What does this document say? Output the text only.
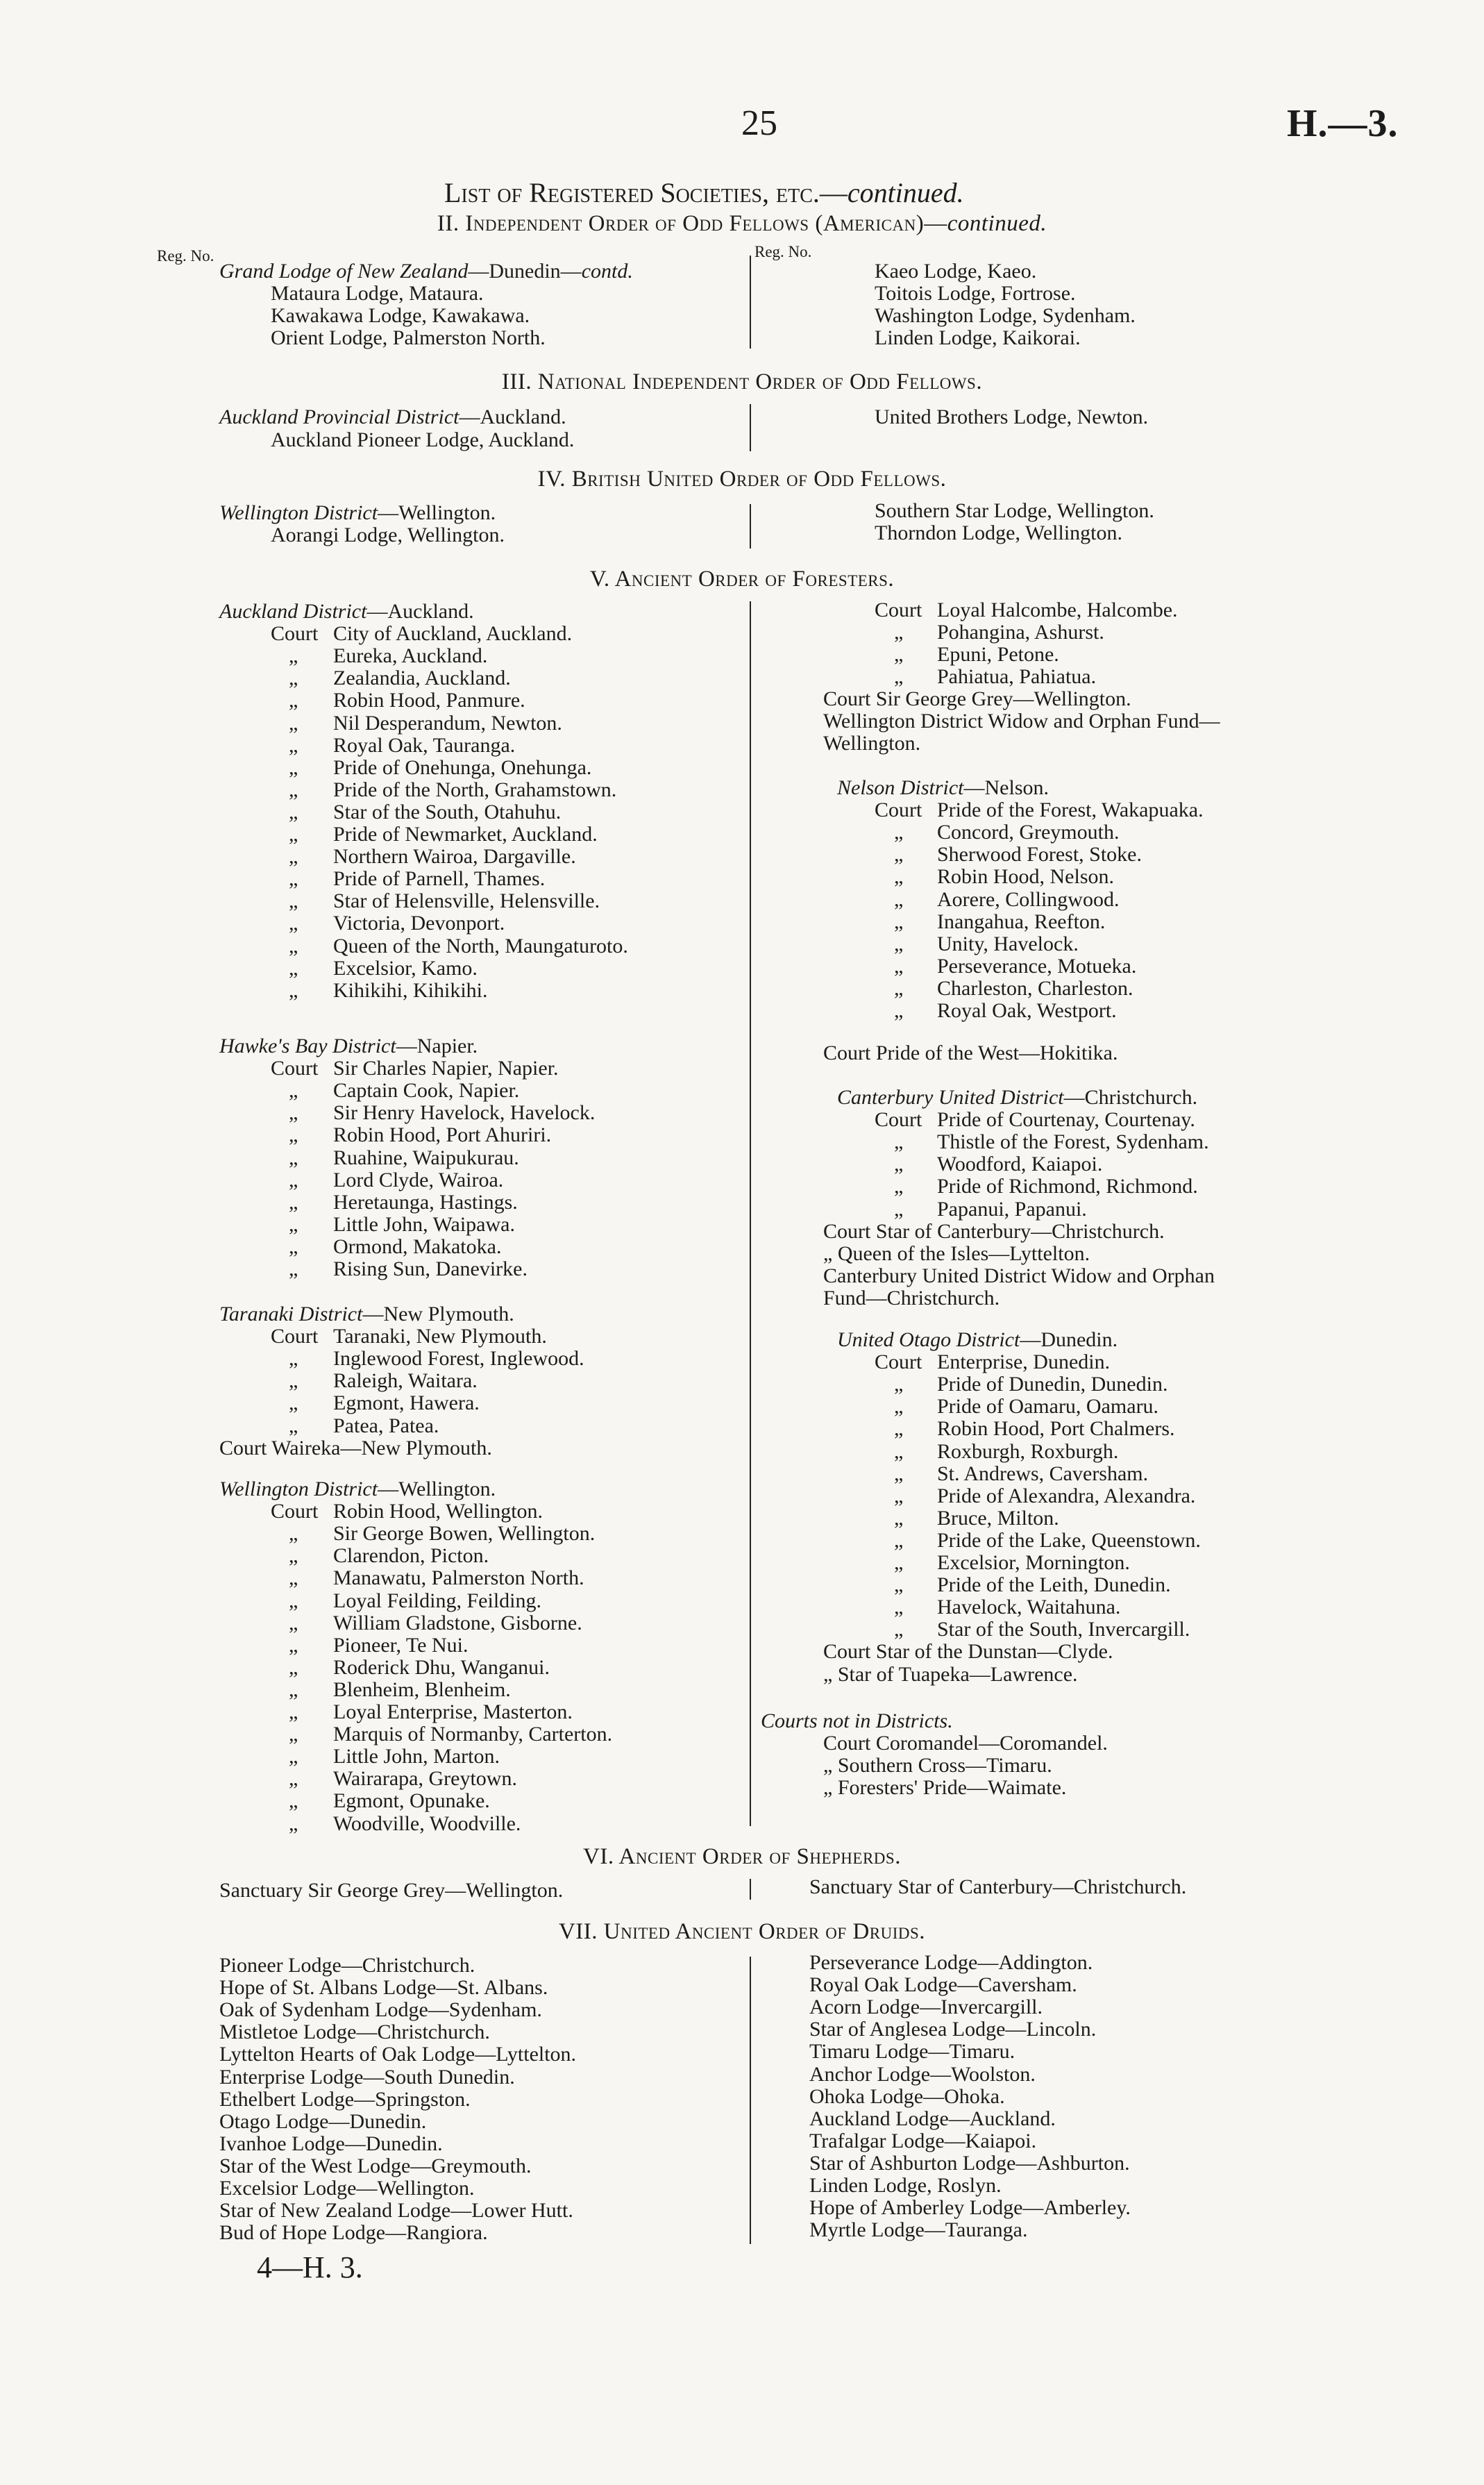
25	H.—3.
List of Registered Societies, etc.—continued.
II. Independent Order of Odd Fellows (American)—continued.
Reg. No.	Reg. No.
Grand Lodge of New Zealand—Dunedin—contd.
Mataura Lodge, Mataura.
Kawakawa Lodge, Kawakawa.
Orient Lodge, Palmerston North.
Kaeo Lodge, Kaeo.
Toitois Lodge, Fortrose.
Washington Lodge, Sydenham.
Linden Lodge, Kaikorai.
III. National Independent Order of Odd Fellows.
Auckland Provincial District—Auckland.
Auckland Pioneer Lodge, Auckland.
United Brothers Lodge, Newton.
IV. British United Order of Odd Fellows.
Wellington District—Wellington.
Aorangi Lodge, Wellington.
Southern Star Lodge, Wellington.
Thorndon Lodge, Wellington.
V. Ancient Order of Foresters.
Auckland District—Auckland.
Court City of Auckland, Auckland.
„ Eureka, Auckland.
„ Zealandia, Auckland.
„ Robin Hood, Panmure.
„ Nil Desperandum, Newton.
„ Royal Oak, Tauranga.
„ Pride of Onehunga, Onehunga.
„ Pride of the North, Grahamstown.
„ Star of the South, Otahuhu.
„ Pride of Newmarket, Auckland.
„ Northern Wairoa, Dargaville.
„ Pride of Parnell, Thames.
„ Star of Helensville, Helensville.
„ Victoria, Devonport.
„ Queen of the North, Maungaturoto.
„ Excelsior, Kamo.
„ Kihikihi, Kihikihi.
Hawke's Bay District—Napier.
Court Sir Charles Napier, Napier.
„ Captain Cook, Napier.
„ Sir Henry Havelock, Havelock.
„ Robin Hood, Port Ahuriri.
„ Ruahine, Waipukurau.
„ Lord Clyde, Wairoa.
„ Heretaunga, Hastings.
„ Little John, Waipawa.
„ Ormond, Makatoka.
„ Rising Sun, Danevirke.
Taranaki District—New Plymouth.
Court Taranaki, New Plymouth.
„ Inglewood Forest, Inglewood.
„ Raleigh, Waitara.
„ Egmont, Hawera.
„ Patea, Patea.
Court Waireka—New Plymouth.
Wellington District—Wellington.
Court Robin Hood, Wellington.
„ Sir George Bowen, Wellington.
„ Clarendon, Picton.
„ Manawatu, Palmerston North.
„ Loyal Feilding, Feilding.
„ William Gladstone, Gisborne.
„ Pioneer, Te Nui.
„ Roderick Dhu, Wanganui.
„ Blenheim, Blenheim.
„ Loyal Enterprise, Masterton.
„ Marquis of Normanby, Carterton.
„ Little John, Marton.
„ Wairarapa, Greytown.
„ Egmont, Opunake.
„ Woodville, Woodville.
Court Loyal Halcombe, Halcombe.
„ Pohangina, Ashurst.
„ Epuni, Petone.
„ Pahiatua, Pahiatua.
Court Sir George Grey—Wellington.
Wellington District Widow and Orphan Fund—
Wellington.
Nelson District—Nelson.
Court Pride of the Forest, Wakapuaka.
„ Concord, Greymouth.
„ Sherwood Forest, Stoke.
„ Robin Hood, Nelson.
„ Aorere, Collingwood.
„ Inangahua, Reefton.
„ Unity, Havelock.
„ Perseverance, Motueka.
„ Charleston, Charleston.
„ Royal Oak, Westport.
Court Pride of the West—Hokitika.
Canterbury United District—Christchurch.
Court Pride of Courtenay, Courtenay.
„ Thistle of the Forest, Sydenham.
„ Woodford, Kaiapoi.
„ Pride of Richmond, Richmond.
„ Papanui, Papanui.
Court Star of Canterbury—Christchurch.
„ Queen of the Isles—Lyttelton.
Canterbury United District Widow and Orphan
Fund—Christchurch.
United Otago District—Dunedin.
Court Enterprise, Dunedin.
„ Pride of Dunedin, Dunedin.
„ Pride of Oamaru, Oamaru.
„ Robin Hood, Port Chalmers.
„ Roxburgh, Roxburgh.
„ St. Andrews, Caversham.
„ Pride of Alexandra, Alexandra.
„ Bruce, Milton.
„ Pride of the Lake, Queenstown.
„ Excelsior, Mornington.
„ Pride of the Leith, Dunedin.
„ Havelock, Waitahuna.
„ Star of the South, Invercargill.
Court Star of the Dunstan—Clyde.
„ Star of Tuapeka—Lawrence.
Courts not in Districts.
Court Coromandel—Coromandel.
„ Southern Cross—Timaru.
„ Foresters' Pride—Waimate.
VI. Ancient Order of Shepherds.
Sanctuary Sir George Grey—Wellington.	Sanctuary Star of Canterbury—Christchurch.
VII. United Ancient Order of Druids.
Pioneer Lodge—Christchurch.
Hope of St. Albans Lodge—St. Albans.
Oak of Sydenham Lodge—Sydenham.
Mistletoe Lodge—Christchurch.
Lyttelton Hearts of Oak Lodge—Lyttelton.
Enterprise Lodge—South Dunedin.
Ethelbert Lodge—Springston.
Otago Lodge—Dunedin.
Ivanhoe Lodge—Dunedin.
Star of the West Lodge—Greymouth.
Excelsior Lodge—Wellington.
Star of New Zealand Lodge—Lower Hutt.
Bud of Hope Lodge—Rangiora.
Perseverance Lodge—Addington.
Royal Oak Lodge—Caversham.
Acorn Lodge—Invercargill.
Star of Anglesea Lodge—Lincoln.
Timaru Lodge—Timaru.
Anchor Lodge—Woolston.
Ohoka Lodge—Ohoka.
Auckland Lodge—Auckland.
Trafalgar Lodge—Kaiapoi.
Star of Ashburton Lodge—Ashburton.
Linden Lodge, Roslyn.
Hope of Amberley Lodge—Amberley.
Myrtle Lodge—Tauranga.
4—H. 3.
